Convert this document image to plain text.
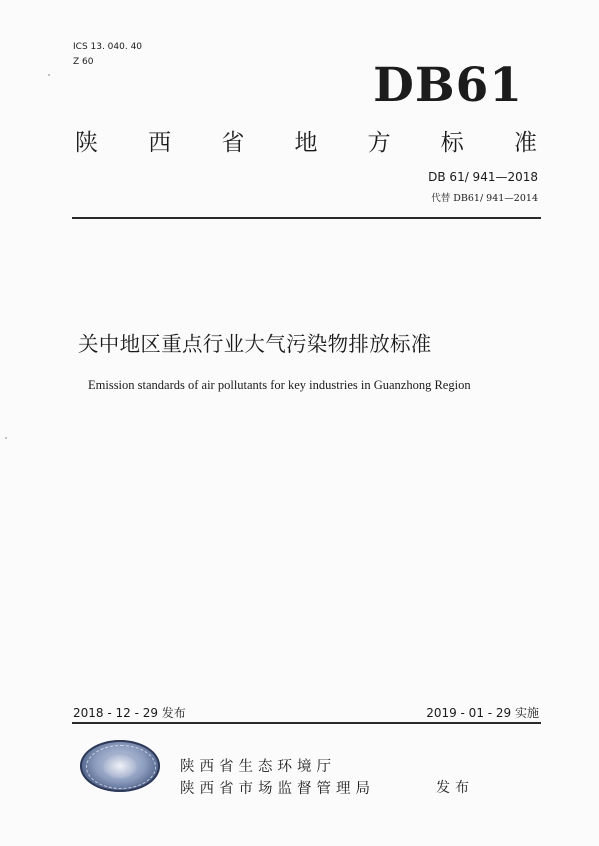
ICS 13. 040. 40
Z 60	DB61
陕 西 省 地 方 标 准
DB 61/ 941—2018
代替 DB61/ 941—2014
关中地区重点行业大气污染物排放标准
Emission standards of air pollutants for key industries in Guanzhong Region
2018 - 12 - 29 发布	2019 - 01 - 29 实施
陕西省生态环境厅
陕西省市场监督管理局	发布
